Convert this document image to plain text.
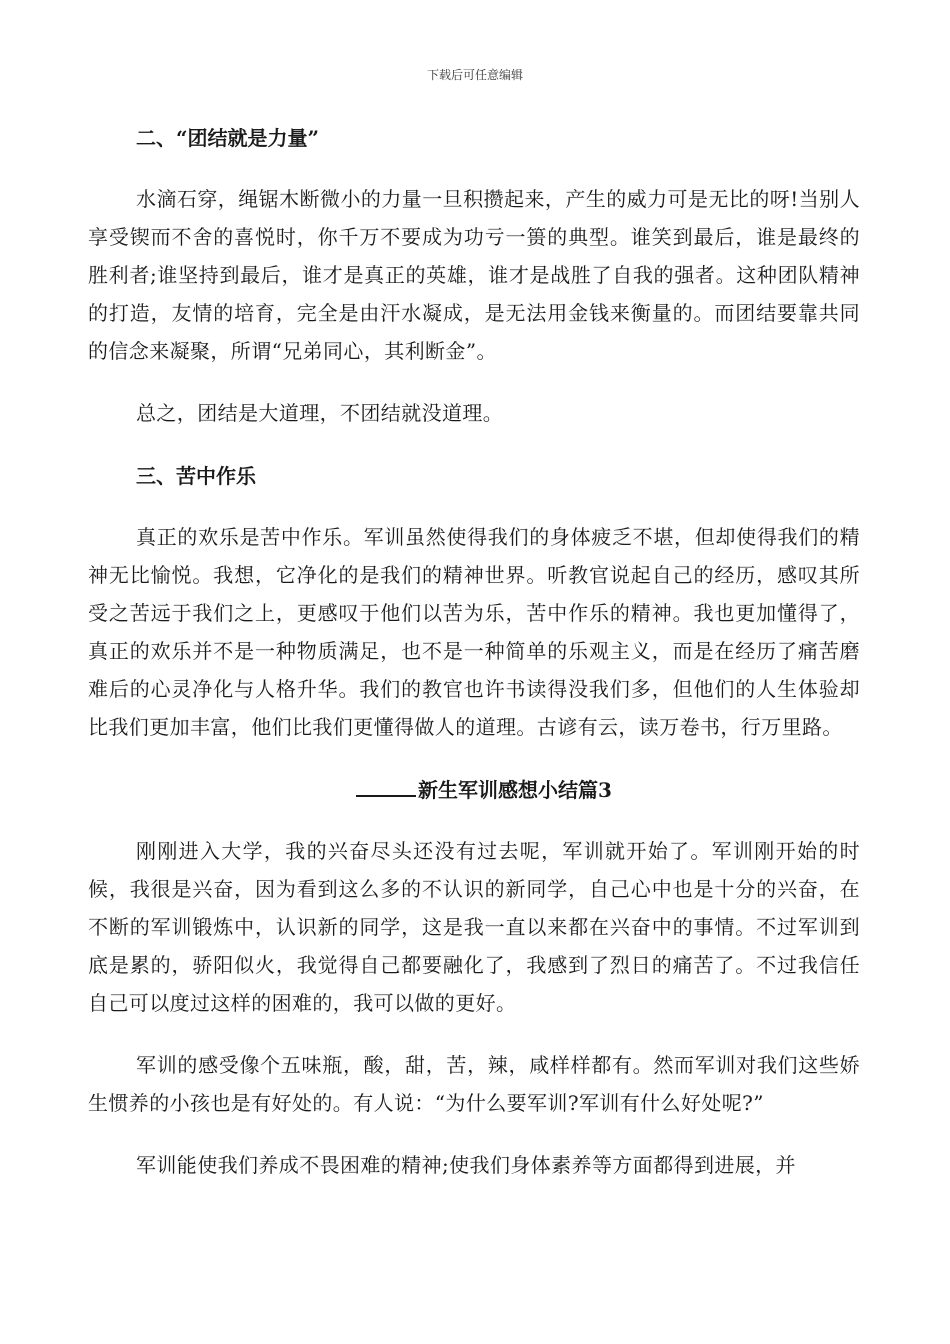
下载后可任意编辑

二、“团结就是力量”

水滴石穿，绳锯木断微小的力量一旦积攒起来，产生的威力可是无比的呀!当别人享受锲而不舍的喜悦时，你千万不要成为功亏一篑的典型。谁笑到最后，谁是最终的胜利者;谁坚持到最后，谁才是真正的英雄，谁才是战胜了自我的强者。这种团队精神的打造，友情的培育，完全是由汗水凝成，是无法用金钱来衡量的。而团结要靠共同的信念来凝聚，所谓“兄弟同心，其利断金”。

总之，团结是大道理，不团结就没道理。

三、苦中作乐

真正的欢乐是苦中作乐。军训虽然使得我们的身体疲乏不堪，但却使得我们的精神无比愉悦。我想，它净化的是我们的精神世界。听教官说起自己的经历，感叹其所受之苦远于我们之上，更感叹于他们以苦为乐，苦中作乐的精神。我也更加懂得了，真正的欢乐并不是一种物质满足，也不是一种简单的乐观主义，而是在经历了痛苦磨难后的心灵净化与人格升华。我们的教官也许书读得没我们多，但他们的人生体验却比我们更加丰富，他们比我们更懂得做人的道理。古谚有云，读万卷书，行万里路。

新生军训感想小结篇3

刚刚进入大学，我的兴奋尽头还没有过去呢，军训就开始了。军训刚开始的时候，我很是兴奋，因为看到这么多的不认识的新同学，自己心中也是十分的兴奋，在不断的军训锻炼中，认识新的同学，这是我一直以来都在兴奋中的事情。不过军训到底是累的，骄阳似火，我觉得自己都要融化了，我感到了烈日的痛苦了。不过我信任自己可以度过这样的困难的，我可以做的更好。

军训的感受像个五味瓶，酸，甜，苦，辣，咸样样都有。然而军训对我们这些娇生惯养的小孩也是有好处的。有人说：“为什么要军训?军训有什么好处呢?”

军训能使我们养成不畏困难的精神;使我们身体素养等方面都得到进展，并
